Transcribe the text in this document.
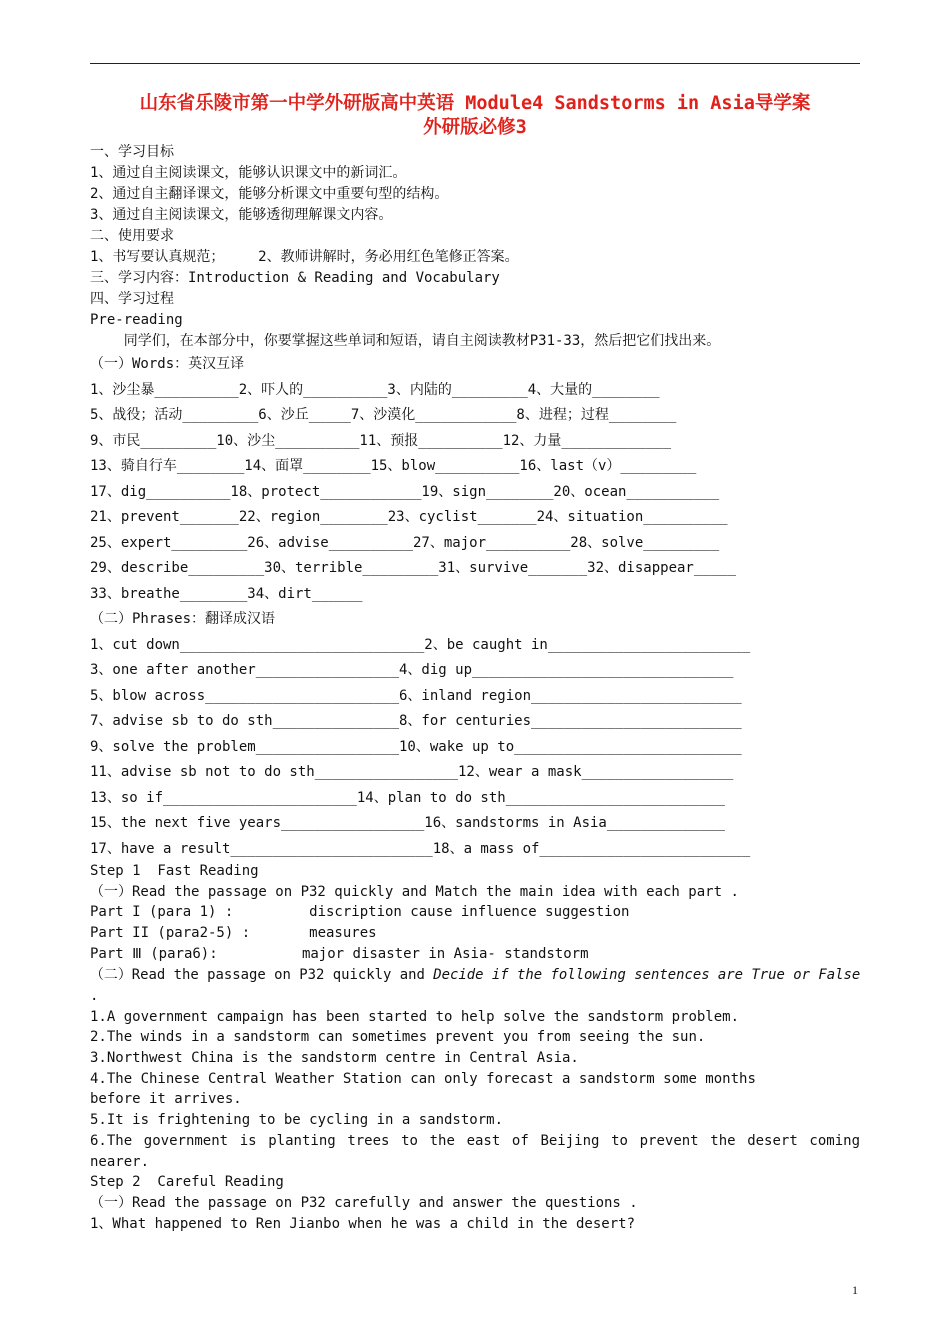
山东省乐陵市第一中学外研版高中英语 Module4 Sandstorms in Asia导学案
外研版必修3
一、学习目标
1、通过自主阅读课文，能够认识课文中的新词汇。
2、通过自主翻译课文，能够分析课文中重要句型的结构。
3、通过自主阅读课文，能够透彻理解课文内容。
二、使用要求
1、书写要认真规范；    2、教师讲解时，务必用红色笔修正答案。
三、学习内容：Introduction & Reading and Vocabulary
四、学习过程
Pre-reading
同学们，在本部分中，你要掌握这些单词和短语，请自主阅读教材P31-33，然后把它们找出来。
（一）Words：英汉互译
1、沙尘暴__________2、吓人的__________3、内陆的_________4、大量的________
5、战役；活动_________6、沙丘_____7、沙漠化____________8、进程；过程________
9、市民_________10、沙尘__________11、预报__________12、力量_____________
13、骑自行车________14、面罩________15、blow__________16、last（v）_________
17、dig__________18、protect____________19、sign________20、ocean___________
21、prevent_______22、region________23、cyclist_______24、situation__________
25、expert_________26、advise__________27、major__________28、solve_________
29、describe_________30、terrible_________31、survive_______32、disappear_____
33、breathe________34、dirt______
（二）Phrases：翻译成汉语
1、cut down_____________________________2、be caught in________________________
3、one after another_________________4、dig up_______________________________
5、blow across_______________________6、inland region_________________________
7、advise sb to do sth_______________8、for centuries_________________________
9、solve the problem_________________10、wake up to___________________________
11、advise sb not to do sth_________________12、wear a mask__________________
13、so if_______________________14、plan to do sth__________________________
15、the next five years_________________16、sandstorms in Asia______________
17、have a result________________________18、a mass of_________________________
Step 1  Fast Reading
（一）Read the passage on P32 quickly and Match the main idea with each part .
Part I (para 1) :         discription cause influence suggestion
Part II (para2-5) :       measures
Part Ⅲ (para6):          major disaster in Asia- standstorm
（二）Read the passage on P32 quickly and Decide if the following sentences are True or False
.
1.A government campaign has been started to help solve the sandstorm problem.
2.The winds in a sandstorm can sometimes prevent you from seeing the sun.
3.Northwest China is the sandstorm centre in Central Asia.
4.The Chinese Central Weather Station can only forecast a sandstorm some months
before it arrives.
5.It is frightening to be cycling in a sandstorm.
6.The government is planting trees to the east of Beijing to prevent the desert coming
nearer.
Step 2  Careful Reading
（一）Read the passage on P32 carefully and answer the questions .
1、What happened to Ren Jianbo when he was a child in the desert?
1
